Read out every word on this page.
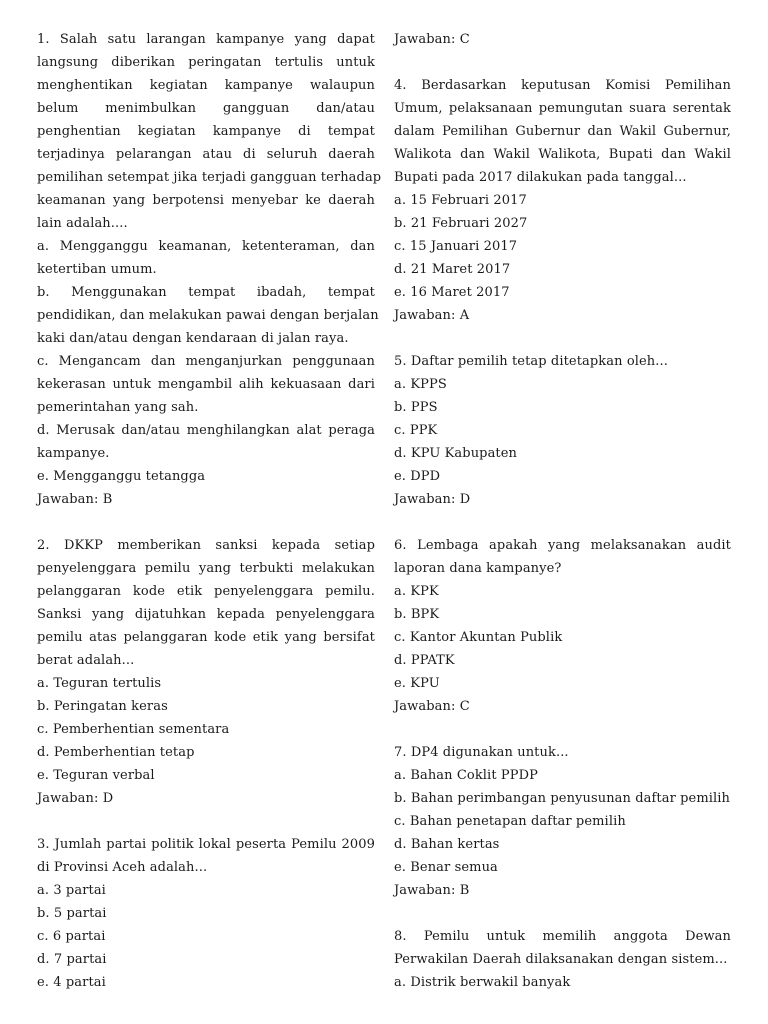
1. Salah satu larangan kampanye yang dapat
langsung diberikan peringatan tertulis untuk
menghentikan kegiatan kampanye walaupun
belum menimbulkan gangguan dan/atau
penghentian kegiatan kampanye di tempat
terjadinya pelarangan atau di seluruh daerah
pemilihan setempat jika terjadi gangguan terhadap
keamanan yang berpotensi menyebar ke daerah
lain adalah....
a. Mengganggu keamanan, ketenteraman, dan
ketertiban umum.
b. Menggunakan tempat ibadah, tempat
pendidikan, dan melakukan pawai dengan berjalan
kaki dan/atau dengan kendaraan di jalan raya.
c. Mengancam dan menganjurkan penggunaan
kekerasan untuk mengambil alih kekuasaan dari
pemerintahan yang sah.
d. Merusak dan/atau menghilangkan alat peraga
kampanye.
e. Mengganggu tetangga
Jawaban: B
2. DKKP memberikan sanksi kepada setiap
penyelenggara pemilu yang terbukti melakukan
pelanggaran kode etik penyelenggara pemilu.
Sanksi yang dijatuhkan kepada penyelenggara
pemilu atas pelanggaran kode etik yang bersifat
berat adalah...
a. Teguran tertulis
b. Peringatan keras
c. Pemberhentian sementara
d. Pemberhentian tetap
e. Teguran verbal
Jawaban: D
3. Jumlah partai politik lokal peserta Pemilu 2009
di Provinsi Aceh adalah...
a. 3 partai
b. 5 partai
c. 6 partai
d. 7 partai
e. 4 partai
Jawaban: C
4. Berdasarkan keputusan Komisi Pemilihan
Umum, pelaksanaan pemungutan suara serentak
dalam Pemilihan Gubernur dan Wakil Gubernur,
Walikota dan Wakil Walikota, Bupati dan Wakil
Bupati pada 2017 dilakukan pada tanggal...
a. 15 Februari 2017
b. 21 Februari 2027
c. 15 Januari 2017
d. 21 Maret 2017
e. 16 Maret 2017
Jawaban: A
5. Daftar pemilih tetap ditetapkan oleh...
a. KPPS
b. PPS
c. PPK
d. KPU Kabupaten
e. DPD
Jawaban: D
6. Lembaga apakah yang melaksanakan audit
laporan dana kampanye?
a. KPK
b. BPK
c. Kantor Akuntan Publik
d. PPATK
e. KPU
Jawaban: C
7. DP4 digunakan untuk...
a. Bahan Coklit PPDP
b. Bahan perimbangan penyusunan daftar pemilih
c. Bahan penetapan daftar pemilih
d. Bahan kertas
e. Benar semua
Jawaban: B
8. Pemilu untuk memilih anggota Dewan
Perwakilan Daerah dilaksanakan dengan sistem...
a. Distrik berwakil banyak
